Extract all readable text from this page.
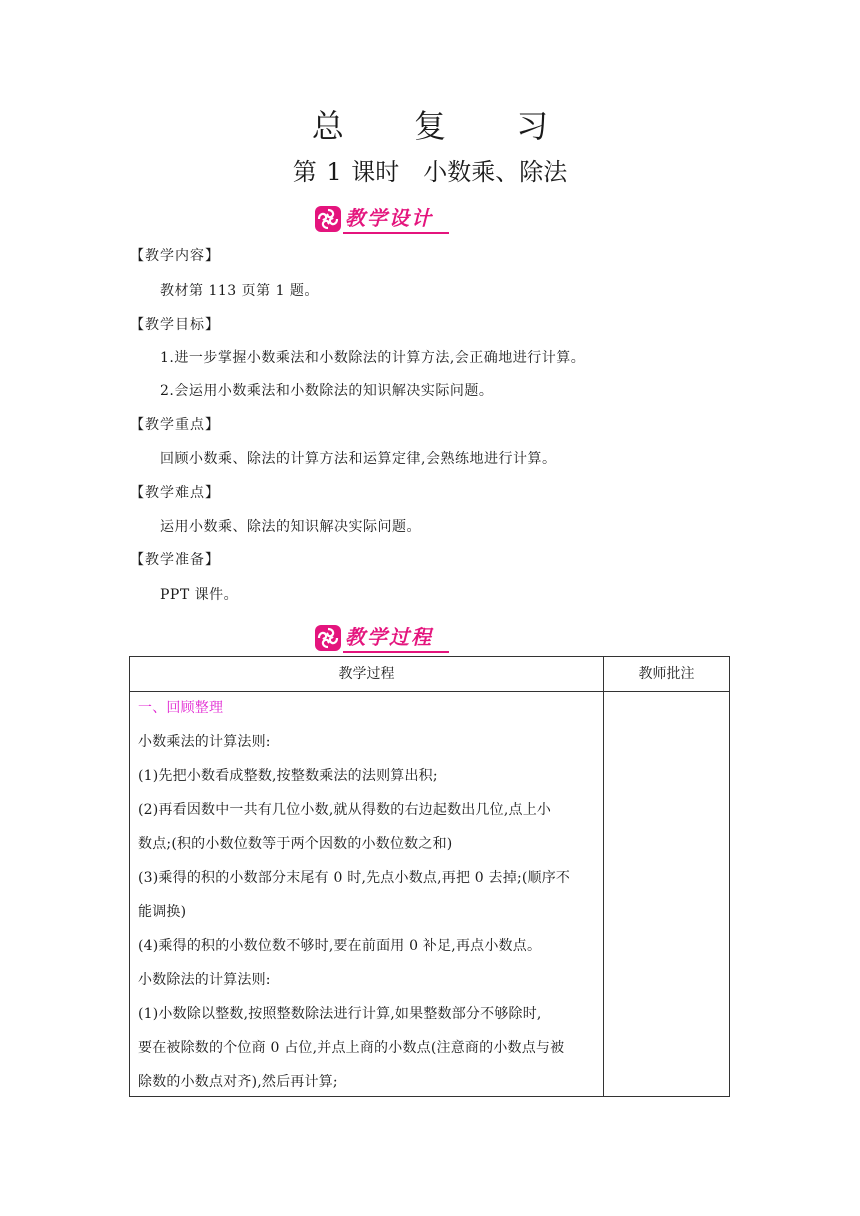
总 复 习
第 1 课时　小数乘、除法
教学设计
【教学内容】
教材第 113 页第 1 题。
【教学目标】
1.进一步掌握小数乘法和小数除法的计算方法,会正确地进行计算。
2.会运用小数乘法和小数除法的知识解决实际问题。
【教学重点】
回顾小数乘、除法的计算方法和运算定律,会熟练地进行计算。
【教学难点】
运用小数乘、除法的知识解决实际问题。
【教学准备】
PPT 课件。
教学过程
教学过程	教师批注
一、回顾整理
小数乘法的计算法则:
(1)先把小数看成整数,按整数乘法的法则算出积;
(2)再看因数中一共有几位小数,就从得数的右边起数出几位,点上小
数点;(积的小数位数等于两个因数的小数位数之和)
(3)乘得的积的小数部分末尾有 0 时,先点小数点,再把 0 去掉;(顺序不
能调换)
(4)乘得的积的小数位数不够时,要在前面用 0 补足,再点小数点。
小数除法的计算法则:
(1)小数除以整数,按照整数除法进行计算,如果整数部分不够除时,
要在被除数的个位商 0 占位,并点上商的小数点(注意商的小数点与被
除数的小数点对齐),然后再计算;
